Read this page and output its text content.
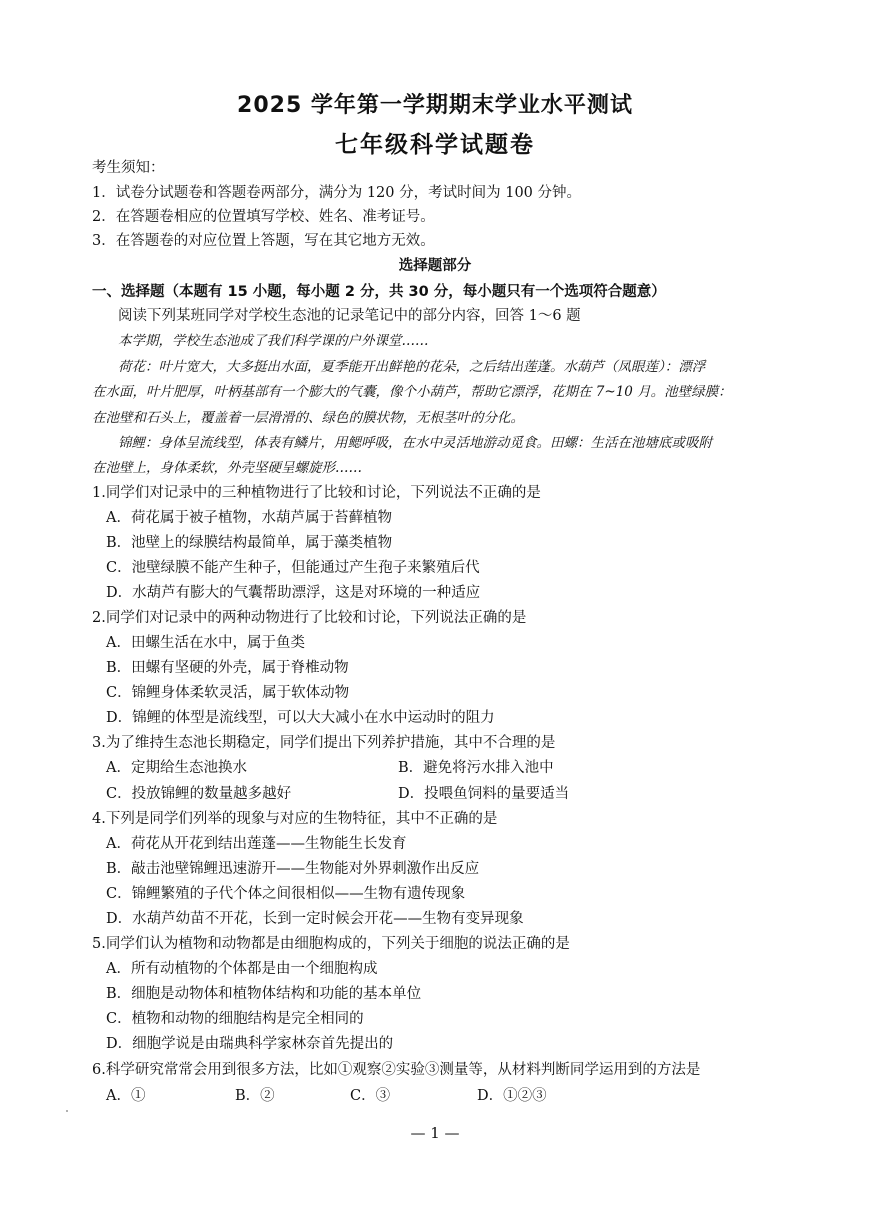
2025 学年第一学期期末学业水平测试
七年级科学试题卷
考生须知：
1．试卷分试题卷和答题卷两部分，满分为 120 分，考试时间为 100 分钟。
2．在答题卷相应的位置填写学校、姓名、准考证号。
3．在答题卷的对应位置上答题，写在其它地方无效。
选择题部分
一、选择题（本题有 15 小题，每小题 2 分，共 30 分，每小题只有一个选项符合题意）
阅读下列某班同学对学校生态池的记录笔记中的部分内容，回答 1～6 题
本学期，学校生态池成了我们科学课的户外课堂……
荷花：叶片宽大，大多挺出水面，夏季能开出鲜艳的花朵，之后结出莲蓬。水葫芦（凤眼莲）：漂浮
在水面，叶片肥厚，叶柄基部有一个膨大的气囊，像个小葫芦，帮助它漂浮，花期在 7~10 月。池壁绿膜：
在池壁和石头上，覆盖着一层滑滑的、绿色的膜状物，无根茎叶的分化。
锦鲤：身体呈流线型，体表有鳞片，用鳃呼吸，在水中灵活地游动觅食。田螺：生活在池塘底或吸附
在池壁上，身体柔软，外壳坚硬呈螺旋形……
1.同学们对记录中的三种植物进行了比较和讨论，下列说法不正确的是
A．荷花属于被子植物，水葫芦属于苔藓植物
B．池壁上的绿膜结构最简单，属于藻类植物
C．池壁绿膜不能产生种子，但能通过产生孢子来繁殖后代
D．水葫芦有膨大的气囊帮助漂浮，这是对环境的一种适应
2.同学们对记录中的两种动物进行了比较和讨论，下列说法正确的是
A．田螺生活在水中，属于鱼类
B．田螺有坚硬的外壳，属于脊椎动物
C．锦鲤身体柔软灵活，属于软体动物
D．锦鲤的体型是流线型，可以大大减小在水中运动时的阻力
3.为了维持生态池长期稳定，同学们提出下列养护措施，其中不合理的是
A．定期给生态池换水	B．避免将污水排入池中
C．投放锦鲤的数量越多越好	D．投喂鱼饲料的量要适当
4.下列是同学们列举的现象与对应的生物特征，其中不正确的是
A．荷花从开花到结出莲蓬——生物能生长发育
B．敲击池壁锦鲤迅速游开——生物能对外界刺激作出反应
C．锦鲤繁殖的子代个体之间很相似——生物有遗传现象
D．水葫芦幼苗不开花，长到一定时候会开花——生物有变异现象
5.同学们认为植物和动物都是由细胞构成的，下列关于细胞的说法正确的是
A．所有动植物的个体都是由一个细胞构成
B．细胞是动物体和植物体结构和功能的基本单位
C．植物和动物的细胞结构是完全相同的
D．细胞学说是由瑞典科学家林奈首先提出的
6.科学研究常常会用到很多方法，比如①观察②实验③测量等，从材料判断同学运用到的方法是
A．①	B．②	C．③	D．①②③
— 1 —
